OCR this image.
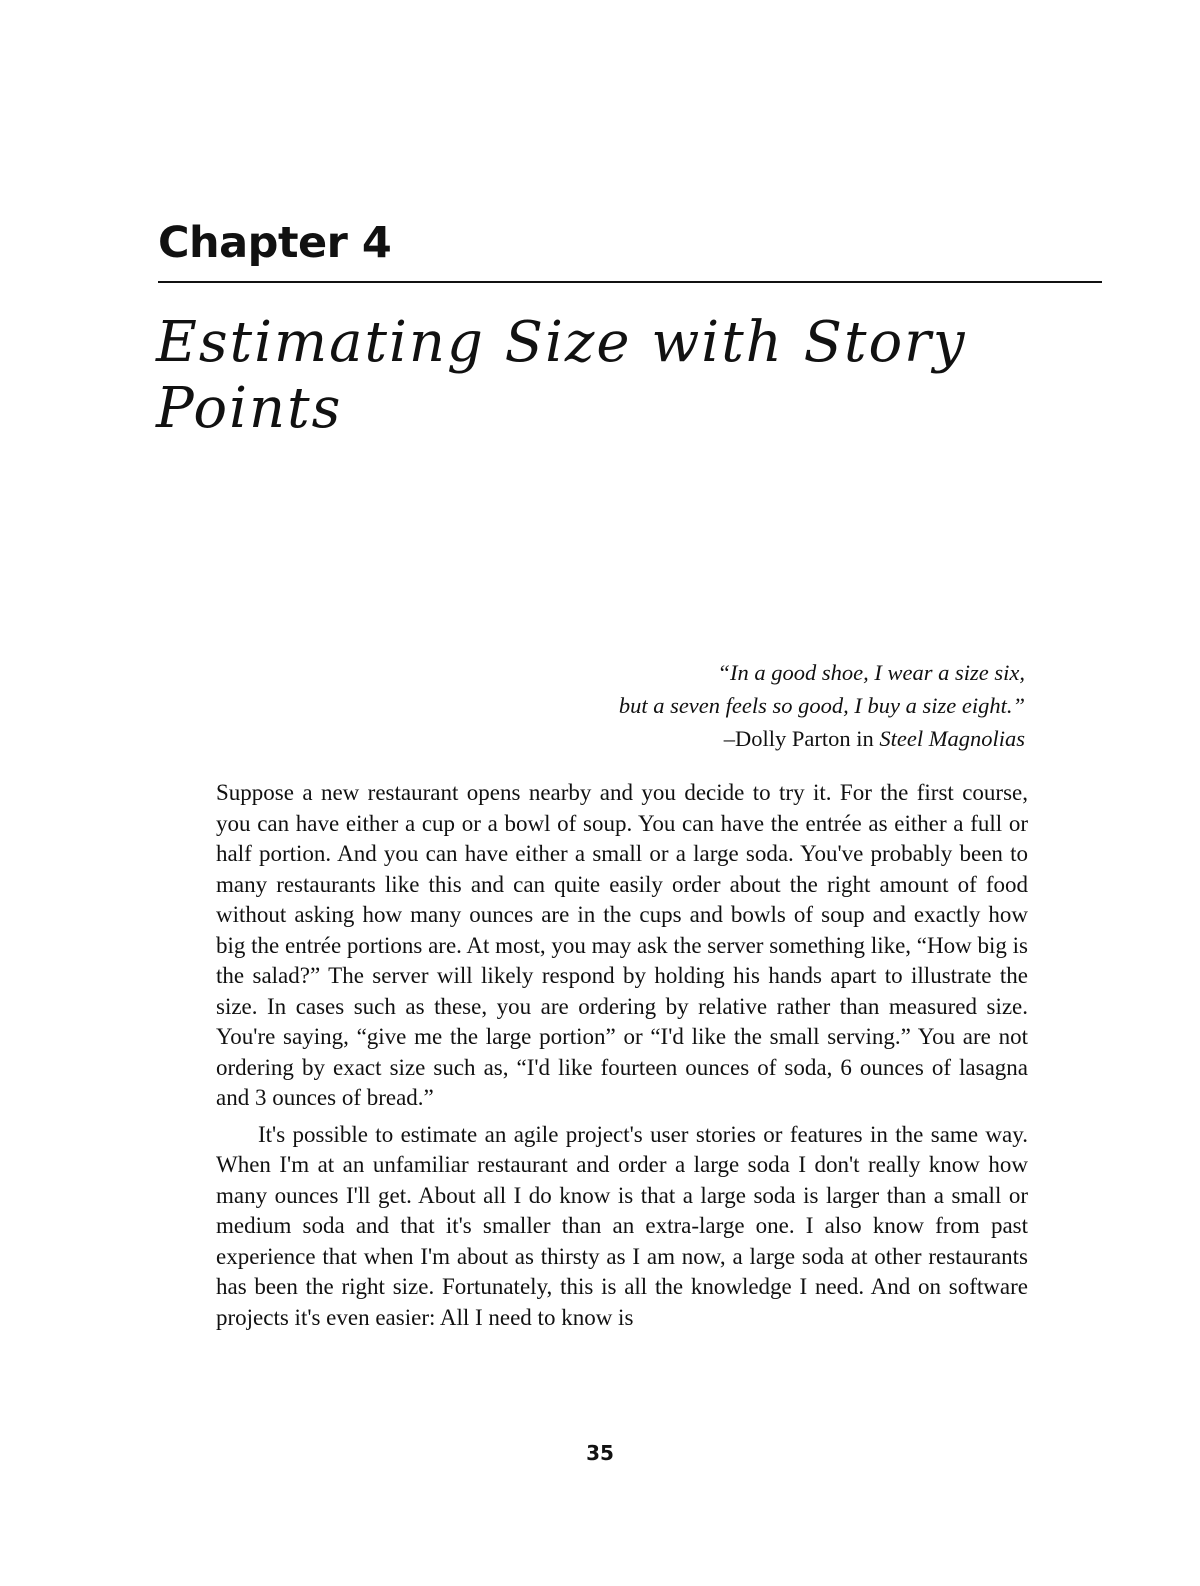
Chapter 4
Estimating Size with Story Points
“In a good shoe, I wear a size six,
but a seven feels so good, I buy a size eight.”
–Dolly Parton in Steel Magnolias

Suppose a new restaurant opens nearby and you decide to try it. For the first course, you can have either a cup or a bowl of soup. You can have the entrée as either a full or half portion. And you can have either a small or a large soda. You've probably been to many restaurants like this and can quite easily order about the right amount of food without asking how many ounces are in the cups and bowls of soup and exactly how big the entrée portions are. At most, you may ask the server something like, “How big is the salad?” The server will likely respond by holding his hands apart to illustrate the size. In cases such as these, you are ordering by relative rather than measured size. You're saying, “give me the large portion” or “I'd like the small serving.” You are not ordering by exact size such as, “I'd like fourteen ounces of soda, 6 ounces of lasagna and 3 ounces of bread.”

It's possible to estimate an agile project's user stories or features in the same way. When I'm at an unfamiliar restaurant and order a large soda I don't really know how many ounces I'll get. About all I do know is that a large soda is larger than a small or medium soda and that it's smaller than an extra-large one. I also know from past experience that when I'm about as thirsty as I am now, a large soda at other restaurants has been the right size. Fortunately, this is all the knowledge I need. And on software projects it's even easier: All I need to know is

35
